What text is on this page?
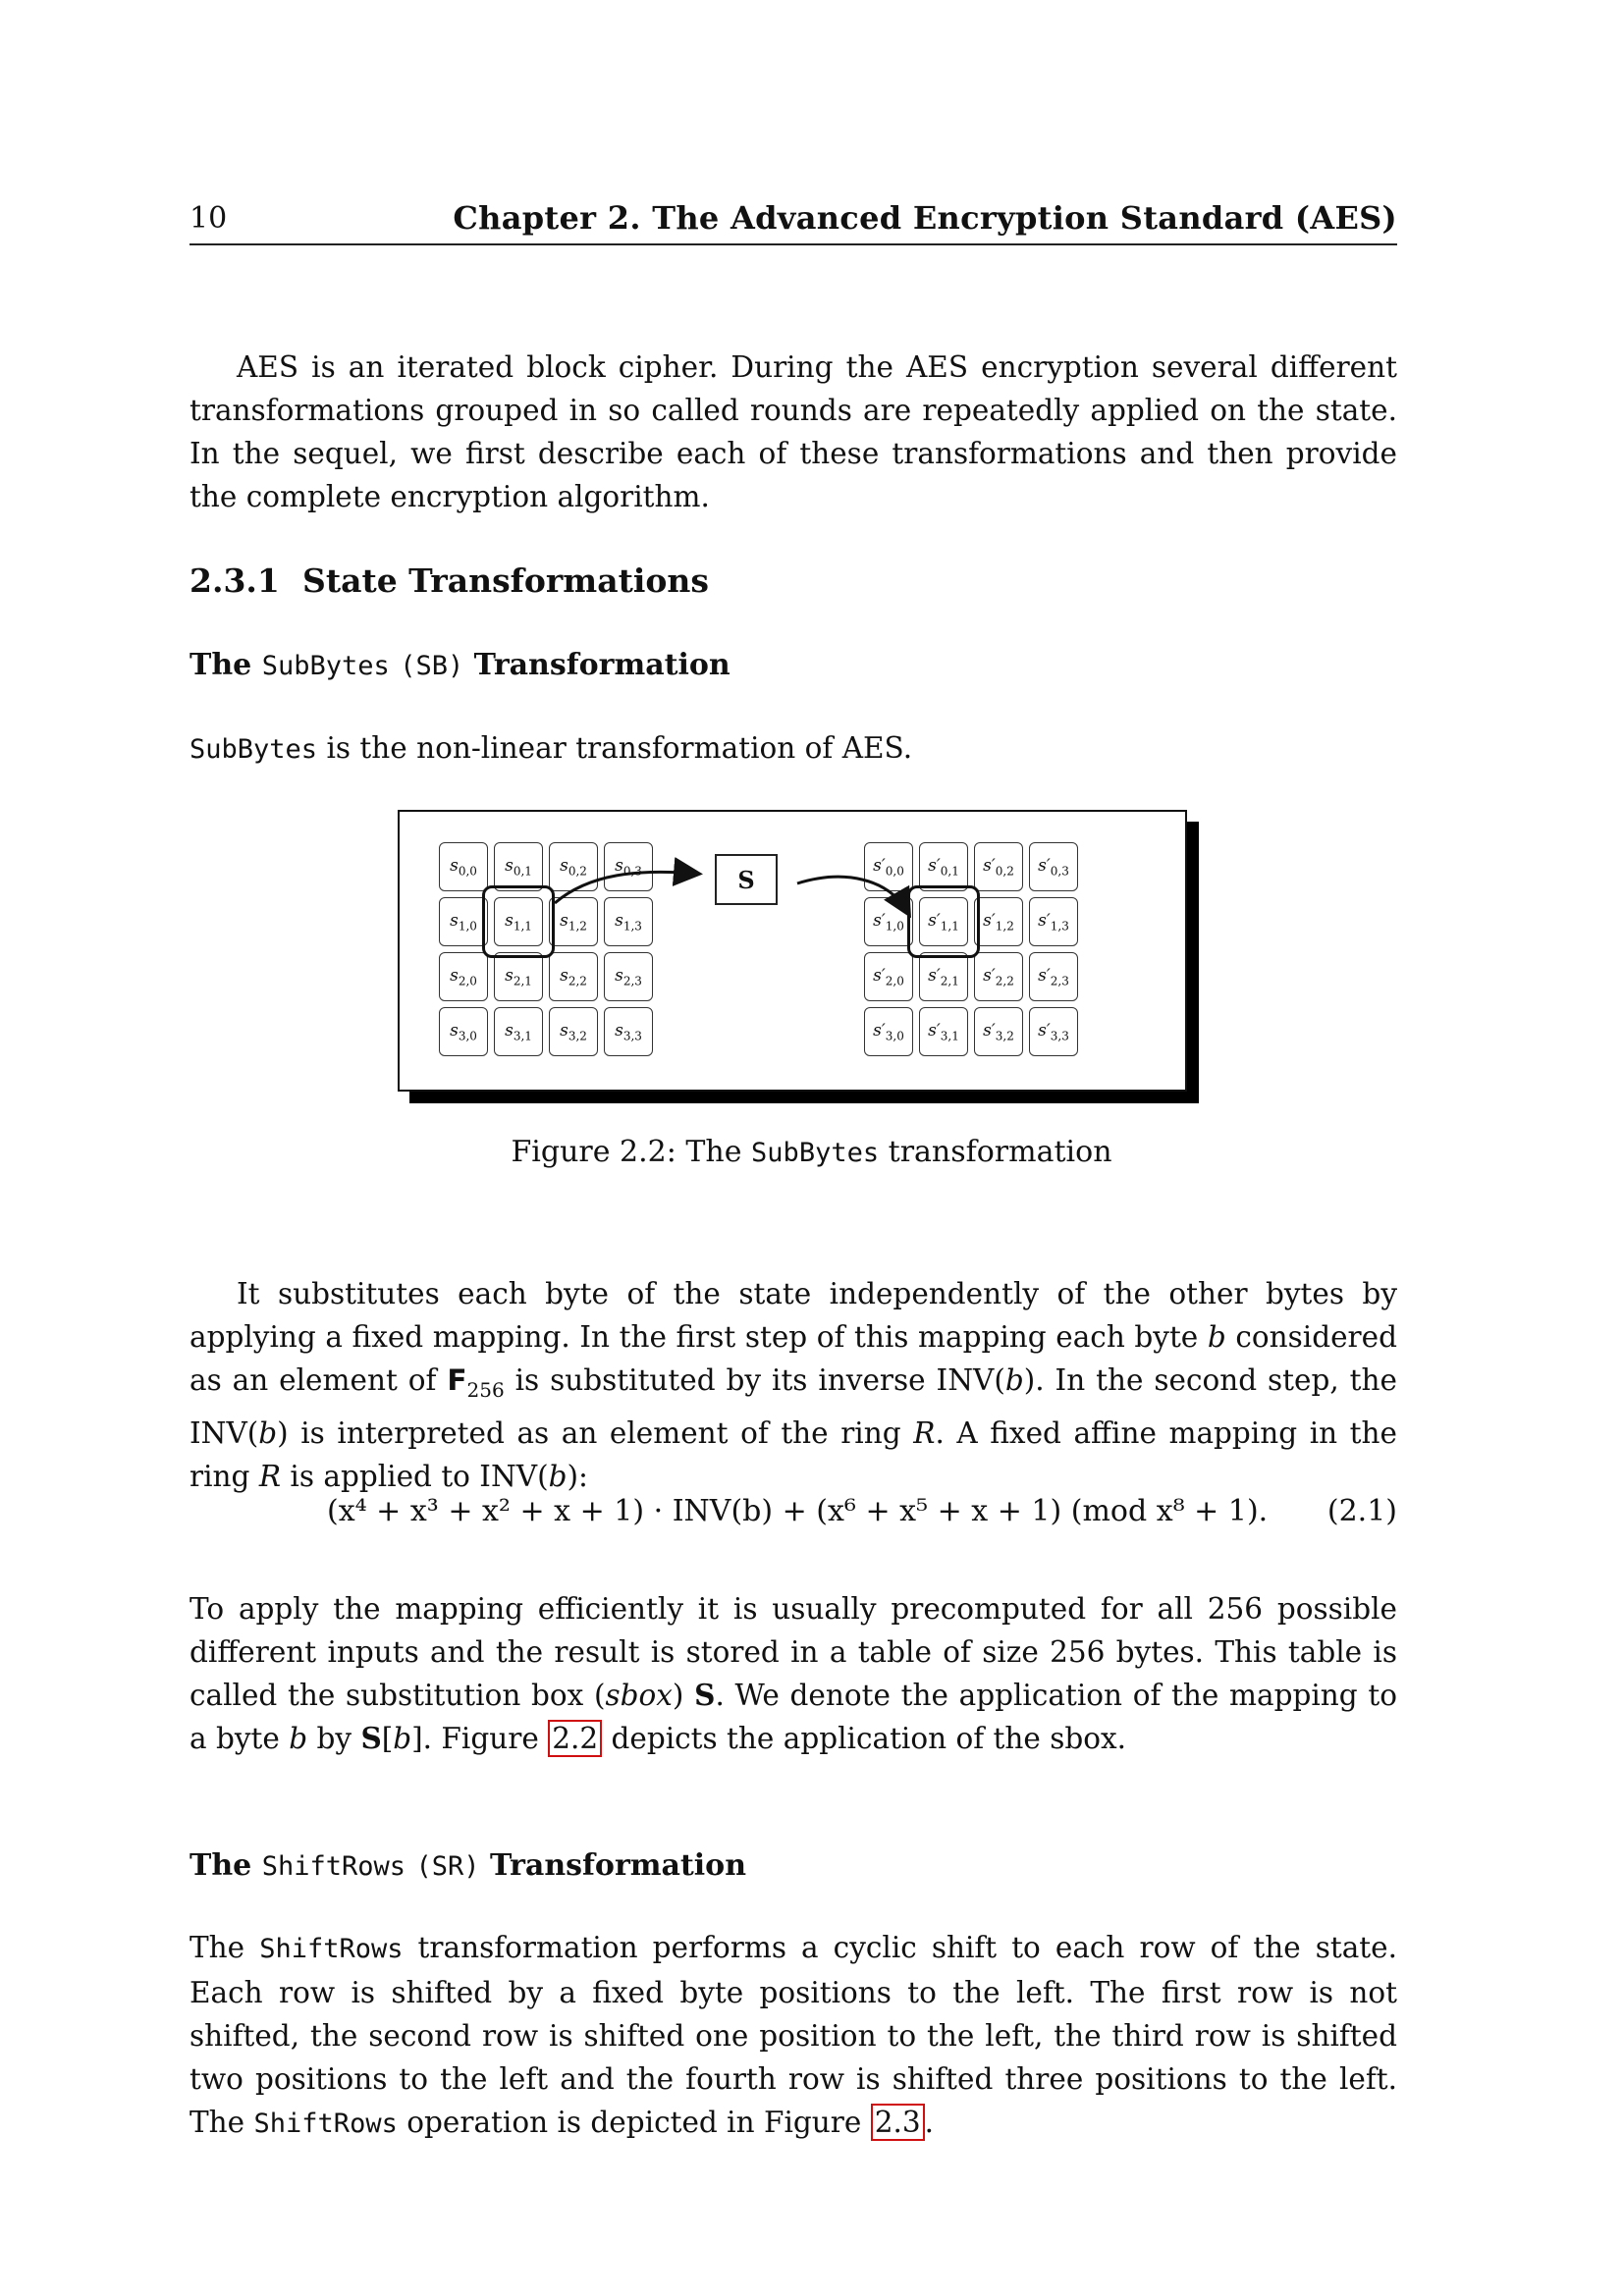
10	Chapter 2. The Advanced Encryption Standard (AES)

AES is an iterated block cipher. During the AES encryption several different transformations grouped in so called rounds are repeatedly applied on the state. In the sequel, we first describe each of these transformations and then provide the complete encryption algorithm.

2.3.1 State Transformations
The SubBytes (SB) Transformation

SubBytes is the non-linear transformation of AES.

$s_{0,0}$ $s_{0,1}$ $s_{0,2}$ $s_{0,3}$
$s_{1,0}$ $s_{1,1}$ $s_{1,2}$ $s_{1,3}$
$s_{2,0}$ $s_{2,1}$ $s_{2,2}$ $s_{2,3}$
$s_{3,0}$ $s_{3,1}$ $s_{3,2}$ $s_{3,3}$
$s'_{0,0}$ $s'_{0,1}$ $s'_{0,2}$ $s'_{0,3}$
$s'_{1,0}$ $s'_{1,1}$ $s'_{1,2}$ $s'_{1,3}$
$s'_{2,0}$ $s'_{2,1}$ $s'_{2,2}$ $s'_{2,3}$
$s'_{3,0}$ $s'_{3,1}$ $s'_{3,2}$ $s'_{3,3}$
S
Figure 2.2: The SubBytes transformation

It substitutes each byte of the state independently of the other bytes by applying a fixed mapping. In the first step of this mapping each byte b considered as an element of $F_{256}$ is substituted by its inverse INV(b). In the second step, the INV(b) is interpreted as an element of the ring R. A fixed affine mapping in the ring R is applied to INV(b):

(x⁴ + x³ + x² + x + 1) · INV(b) + (x⁶ + x⁵ + x + 1) (mod x⁸ + 1). (2.1)

To apply the mapping efficiently it is usually precomputed for all 256 possible different inputs and the result is stored in a table of size 256 bytes. This table is called the substitution box (sbox) S. We denote the application of the mapping to a byte b by S[b]. Figure 2.2 depicts the application of the sbox.

The ShiftRows (SR) Transformation

The ShiftRows transformation performs a cyclic shift to each row of the state. Each row is shifted by a fixed byte positions to the left. The first row is not shifted, the second row is shifted one position to the left, the third row is shifted two positions to the left and the fourth row is shifted three positions to the left. The ShiftRows operation is depicted in Figure 2.3 .
